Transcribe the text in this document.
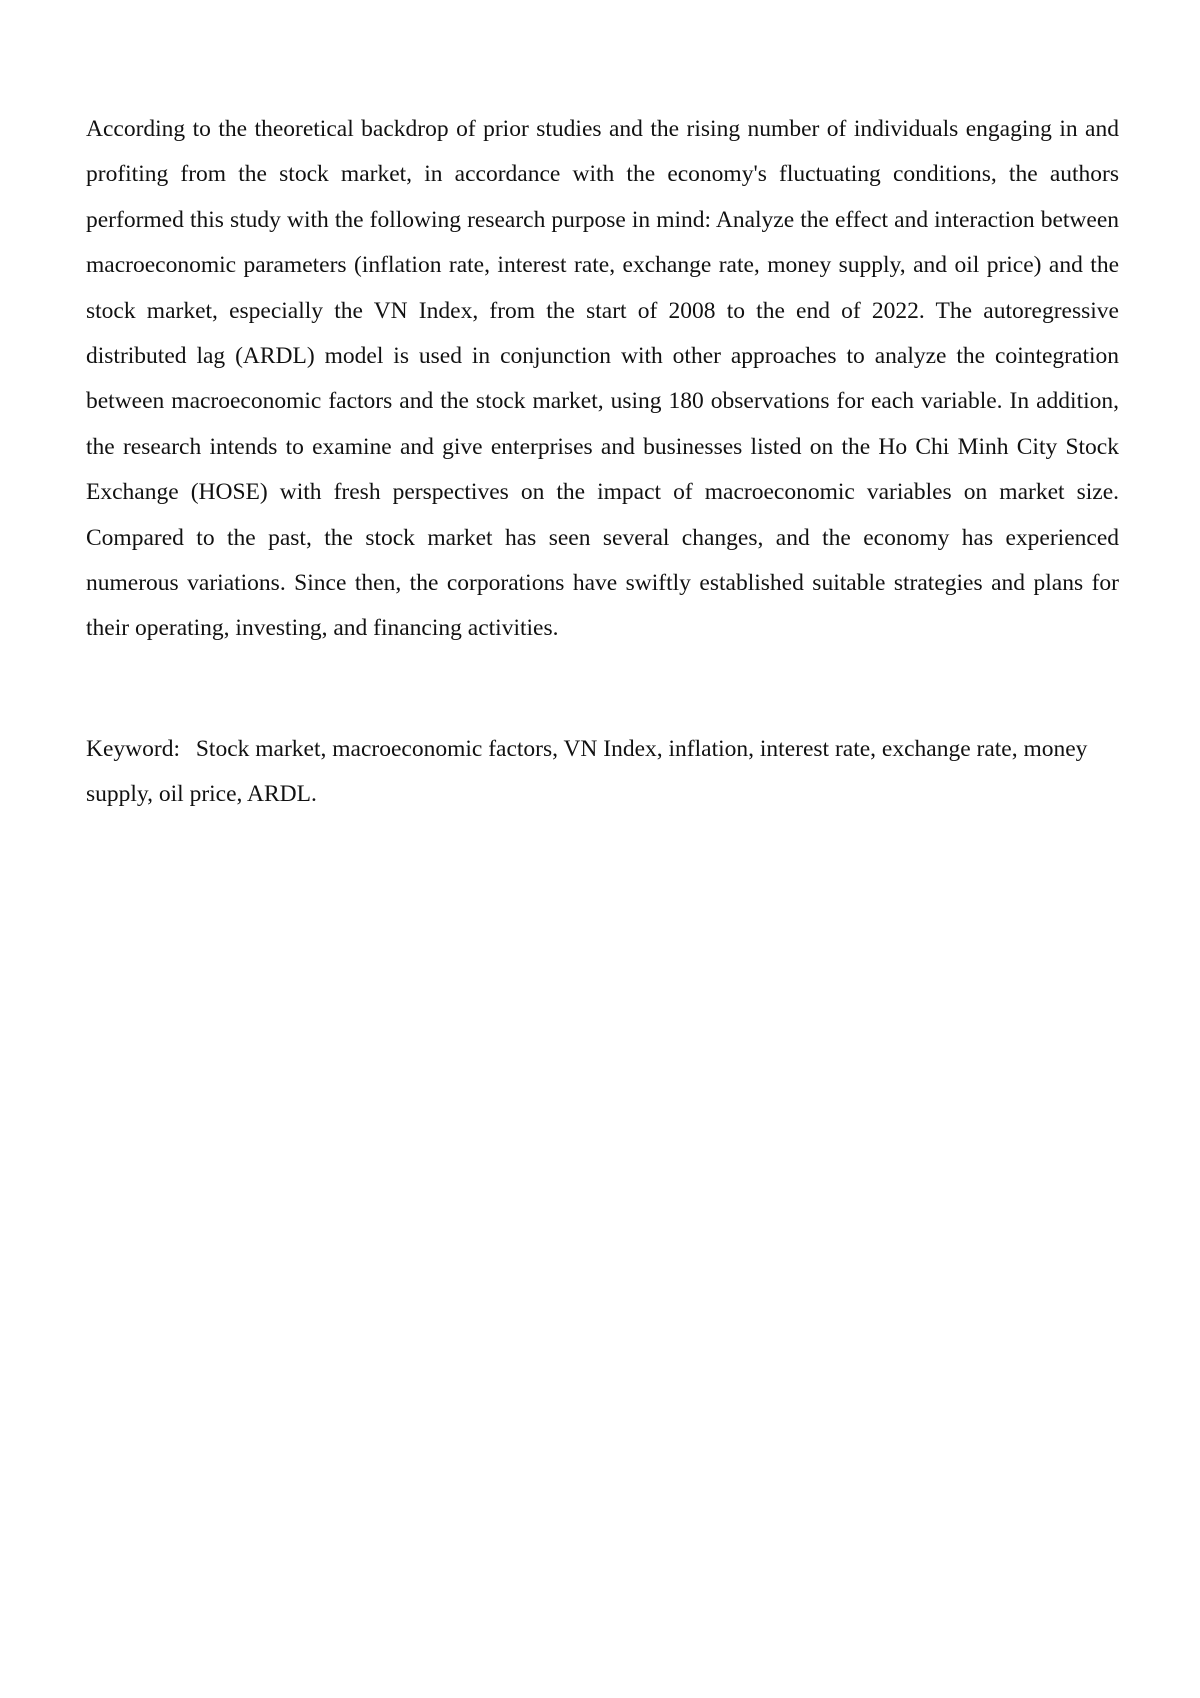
According to the theoretical backdrop of prior studies and the rising number of individuals engaging in and profiting from the stock market, in accordance with the economy's fluctuating conditions, the authors performed this study with the following research purpose in mind: Analyze the effect and interaction between macroeconomic parameters (inflation rate, interest rate, exchange rate, money supply, and oil price) and the stock market, especially the VN Index, from the start of 2008 to the end of 2022. The autoregressive distributed lag (ARDL) model is used in conjunction with other approaches to analyze the cointegration between macroeconomic factors and the stock market, using 180 observations for each variable. In addition, the research intends to examine and give enterprises and businesses listed on the Ho Chi Minh City Stock Exchange (HOSE) with fresh perspectives on the impact of macroeconomic variables on market size. Compared to the past, the stock market has seen several changes, and the economy has experienced numerous variations. Since then, the corporations have swiftly established suitable strategies and plans for their operating, investing, and financing activities.

Keyword: Stock market, macroeconomic factors, VN Index, inflation, interest rate, exchange rate, money supply, oil price, ARDL.
